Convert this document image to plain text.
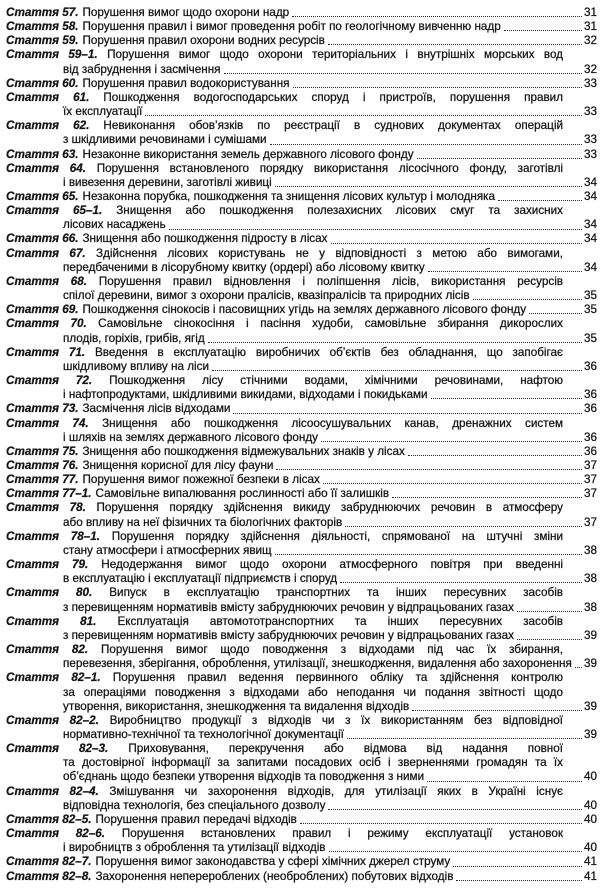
Стаття 57. Порушення вимог щодо охорони надр	31
Стаття 58. Порушення правил і вимог проведення робіт по геологічному вивченню надр	31
Стаття 59. Порушення правил охорони водних ресурсів	32
Стаття 59–1. Порушення вимог щодо охорони територіальних і внутрішніх морських вод
від забруднення і засмічення	32
Стаття 60. Порушення правил водокористування	33
Стаття 61. Пошкодження водогосподарських споруд і пристроїв, порушення правил
їх експлуатації	33
Стаття 62. Невиконання обов’язків по реєстрації в суднових документах операцій
з шкідливими речовинами і сумішами	33
Стаття 63. Незаконне використання земель державного лісового фонду	33
Стаття 64. Порушення встановленого порядку використання лісосічного фонду, заготівлі
і вивезення деревини, заготівлі живиці	34
Стаття 65. Незаконна порубка, пошкодження та знищення лісових культур і молодняка	34
Стаття 65–1. Знищення або пошкодження полезахисних лісових смуг та захисних
лісових насаджень	34
Стаття 66. Знищення або пошкодження підросту в лісах	34
Стаття 67. Здійснення лісових користувань не у відповідності з метою або вимогами,
передбаченими в лісорубному квитку (ордері) або лісовому квитку	34
Стаття 68. Порушення правил відновлення і поліпшення лісів, використання ресурсів
спілої деревини, вимог з охорони пралісів, квазіпралісів та природних лісів	35
Стаття 69. Пошкодження сінокосів і пасовищних угідь на землях державного лісового фонду	35
Стаття 70. Самовільне сінокосіння і пасіння худоби, самовільне збирання дикорослих
плодів, горіхів, грибів, ягід	35
Стаття 71. Введення в експлуатацію виробничих об’єктів без обладнання, що запобігає
шкідливому впливу на ліси	36
Стаття 72. Пошкодження лісу стічними водами, хімічними речовинами, нафтою
і нафтопродуктами, шкідливими викидами, відходами і покидьками	36
Стаття 73. Засмічення лісів відходами	36
Стаття 74. Знищення або пошкодження лісоосушувальних канав, дренажних систем
і шляхів на землях державного лісового фонду	36
Стаття 75. Знищення або пошкодження відмежувальних знаків у лісах	36
Стаття 76. Знищення корисної для лісу фауни	37
Стаття 77. Порушення вимог пожежної безпеки в лісах	37
Стаття 77–1. Самовільне випалювання рослинності або її залишків	37
Стаття 78. Порушення порядку здійснення викиду забруднюючих речовин в атмосферу
або впливу на неї фізичних та біологічних факторів	37
Стаття 78–1. Порушення порядку здійснення діяльності, спрямованої на штучні зміни
стану атмосфери і атмосферних явищ	38
Стаття 79. Недодержання вимог щодо охорони атмосферного повітря при введенні
в експлуатацію і експлуатації підприємств і споруд	38
Стаття 80. Випуск в експлуатацію транспортних та інших пересувних засобів
з перевищенням нормативів вмісту забруднюючих речовин у відпрацьованих газах	38
Стаття 81. Експлуатація автомототранспортних та інших пересувних засобів
з перевищенням нормативів вмісту забруднюючих речовин у відпрацьованих газах	39
Стаття 82. Порушення вимог щодо поводження з відходами під час їх збирання,
перевезення, зберігання, оброблення, утилізації, знешкодження, видалення або захоронення 39
Стаття 82–1. Порушення правил ведення первинного обліку та здійснення контролю
за операціями поводження з відходами або неподання чи подання звітності щодо
утворення, використання, знешкодження та видалення відходів	39
Стаття 82–2. Виробництво продукції з відходів чи з їх використанням без відповідної
нормативно-технічної та технологічної документації	39
Стаття 82–3. Приховування, перекручення або відмова від надання повної
та достовірної інформації за запитами посадових осіб і зверненнями громадян та їх
об’єднань щодо безпеки утворення відходів та поводження з ними	40
Стаття 82–4. Змішування чи захоронення відходів, для утилізації яких в Україні існує
відповідна технологія, без спеціального дозволу	40
Стаття 82–5. Порушення правил передачі відходів	40
Стаття 82–6. Порушення встановлених правил і режиму експлуатації установок
і виробництв з оброблення та утилізації відходів	40
Стаття 82–7. Порушення вимог законодавства у сфері хімічних джерел струму	41
Стаття 82–8. Захоронення неперероблених (необроблених) побутових відходів	41
